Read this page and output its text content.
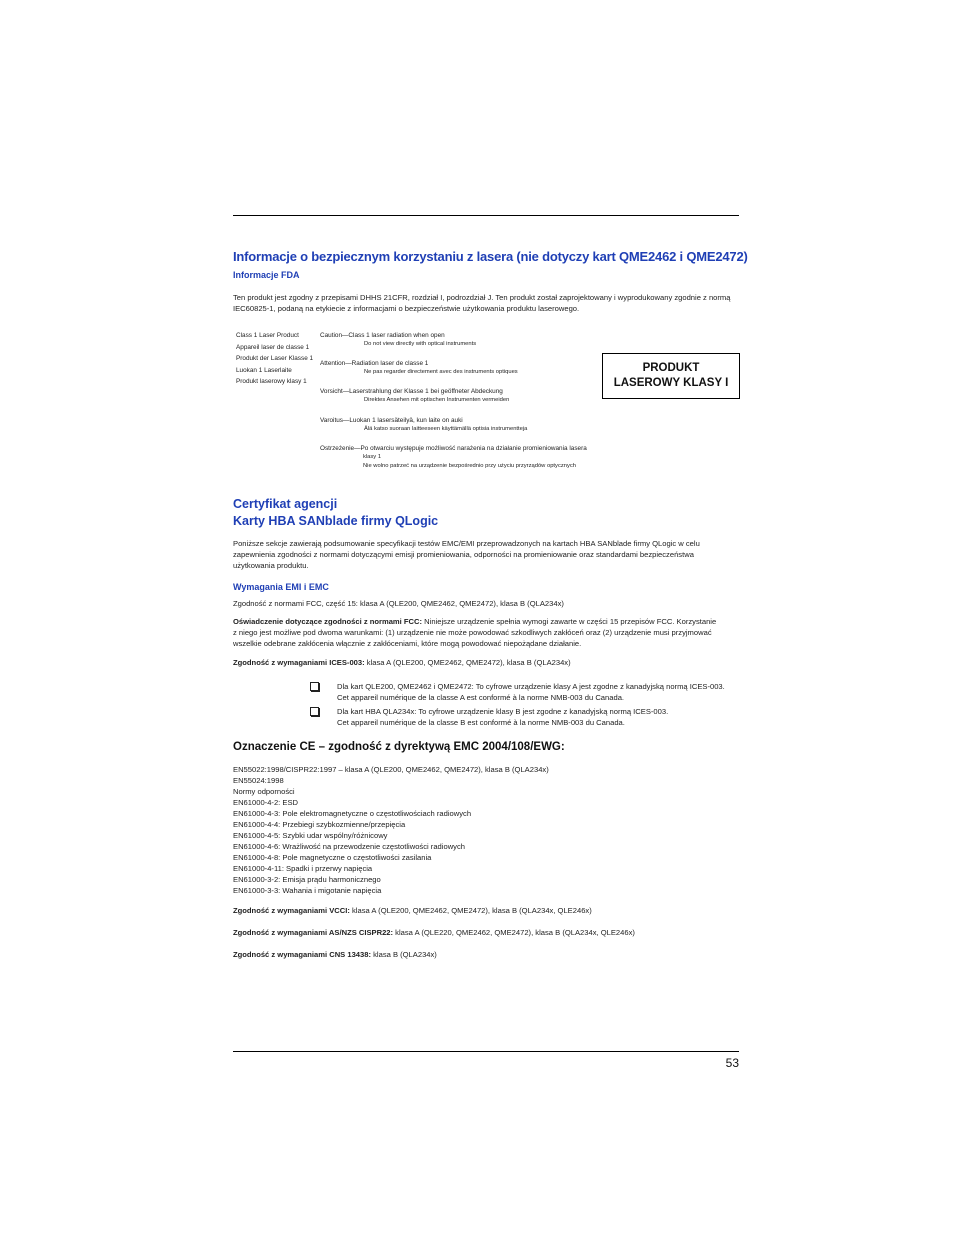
Informacje o bezpiecznym korzystaniu z lasera (nie dotyczy kart QME2462 i QME2472)
Informacje FDA
Ten produkt jest zgodny z przepisami DHHS 21CFR, rozdział I, podrozdział J. Ten produkt został zaprojektowany i wyprodukowany zgodnie z normą
IEC60825-1, podaną na etykiecie z informacjami o bezpieczeństwie użytkowania produktu laserowego.
Class 1 Laser Product
Appareil laser de classe 1
Produkt der Laser Klasse 1
Luokan 1 Laserlaite
Produkt laserowy klasy 1
Caution—Class 1 laser radiation when open
Do not view directly with optical instruments
Attention—Radiation laser de classe 1
Ne pas regarder directement avec des instruments optiques
Vorsicht—Laserstrahlung der Klasse 1 bei geöffneter Abdeckung
Direktes Ansehen mit optischen Instrumenten vermeiden
Varoitus—Luokan 1 lasersäteilyä, kun laite on auki
Älä katso suoraan laitteeseen käyttämällä optisia instrumentteja
Ostrzeżenie—Po otwarciu występuje możliwość narażenia na działanie promieniowania lasera
klasy 1
Nie wolno patrzeć na urządzenie bezpośrednio przy użyciu przyrządów optycznych
PRODUKT
LASEROWY KLASY I
Certyfikat agencji
Karty HBA SANblade firmy QLogic
Poniższe sekcje zawierają podsumowanie specyfikacji testów EMC/EMI przeprowadzonych na kartach HBA SANblade firmy QLogic w celu
zapewnienia zgodności z normami dotyczącymi emisji promieniowania, odporności na promieniowanie oraz standardami bezpieczeństwa
użytkowania produktu.
Wymagania EMI i EMC
Zgodność z normami FCC, część 15: klasa A (QLE200, QME2462, QME2472), klasa B (QLA234x)
Oświadczenie dotyczące zgodności z normami FCC: Niniejsze urządzenie spełnia wymogi zawarte w części 15 przepisów FCC. Korzystanie
z niego jest możliwe pod dwoma warunkami: (1) urządzenie nie może powodować szkodliwych zakłóceń oraz (2) urządzenie musi przyjmować
wszelkie odebrane zakłócenia włącznie z zakłóceniami, które mogą powodować niepożądane działanie.
Zgodność z wymaganiami ICES-003: klasa A (QLE200, QME2462, QME2472), klasa B (QLA234x)
Dla kart QLE200, QME2462 i QME2472: To cyfrowe urządzenie klasy A jest zgodne z kanadyjską normą ICES-003.
Cet appareil numérique de la classe A est conformé à la norme NMB-003 du Canada.
Dla kart HBA QLA234x: To cyfrowe urządzenie klasy B jest zgodne z kanadyjską normą ICES-003.
Cet appareil numérique de la classe B est conformé à la norme NMB-003 du Canada.
Oznaczenie CE – zgodność z dyrektywą EMC 2004/108/EWG:
EN55022:1998/CISPR22:1997 – klasa A (QLE200, QME2462, QME2472), klasa B (QLA234x)
EN55024:1998
Normy odporności
EN61000-4-2: ESD
EN61000-4-3: Pole elektromagnetyczne o częstotliwościach radiowych
EN61000-4-4: Przebiegi szybkozmienne/przepięcia
EN61000-4-5: Szybki udar wspólny/różnicowy
EN61000-4-6: Wrażliwość na przewodzenie częstotliwości radiowych
EN61000-4-8: Pole magnetyczne o częstotliwości zasilania
EN61000-4-11: Spadki i przerwy napięcia
EN61000-3-2: Emisja prądu harmonicznego
EN61000-3-3: Wahania i migotanie napięcia
Zgodność z wymaganiami VCCI: klasa A (QLE200, QME2462, QME2472), klasa B (QLA234x, QLE246x)
Zgodność z wymaganiami AS/NZS CISPR22: klasa A (QLE220, QME2462, QME2472), klasa B (QLA234x, QLE246x)
Zgodność z wymaganiami CNS 13438: klasa B (QLA234x)
53
